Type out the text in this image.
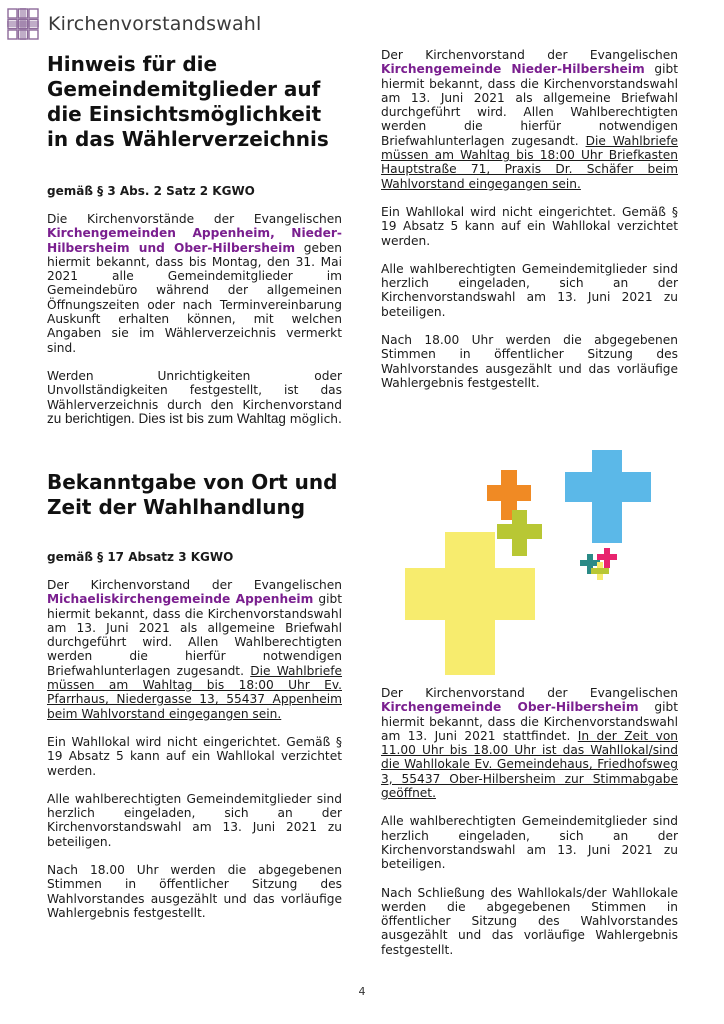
Kirchenvorstandswahl
Hinweis für die Gemeindemitglieder auf die Einsichtsmöglichkeit in das Wählerverzeichnis
gemäß § 3 Abs. 2 Satz 2 KGWO

Die Kirchenvorstände der Evangelischen Kirchengemeinden Appenheim, Nieder-Hilbersheim und Ober-Hilbersheim geben hiermit bekannt, dass bis Montag, den 31. Mai 2021 alle Gemeindemitglieder im Gemeindebüro während der allgemeinen Öffnungszeiten oder nach Terminvereinbarung Auskunft erhalten können, mit welchen Angaben sie im Wählerverzeichnis vermerkt sind.

Werden Unrichtigkeiten oder Unvollständigkeiten festgestellt, ist das Wählerverzeichnis durch den Kirchenvorstand zu berichtigen. Dies ist bis zum Wahltag möglich.

Bekanntgabe von Ort und Zeit der Wahlhandlung
gemäß § 17 Absatz 3 KGWO

Der Kirchenvorstand der Evangelischen Michaeliskirchengemeinde Appenheim gibt hiermit bekannt, dass die Kirchenvorstandswahl am 13. Juni 2021 als allgemeine Briefwahl durchgeführt wird. Allen Wahlberechtigten werden die hierfür notwendigen Briefwahlunterlagen zugesandt. Die Wahlbriefe müssen am Wahltag bis 18:00 Uhr Ev. Pfarrhaus, Niedergasse 13, 55437 Appenheim beim Wahlvorstand eingegangen sein.

Ein Wahllokal wird nicht eingerichtet. Gemäß § 19 Absatz 5 kann auf ein Wahllokal verzichtet werden.

Alle wahlberechtigten Gemeindemitglieder sind herzlich eingeladen, sich an der Kirchenvorstandswahl am 13. Juni 2021 zu beteiligen.

Nach 18.00 Uhr werden die abgegebenen Stimmen in öffentlicher Sitzung des Wahlvorstandes ausgezählt und das vorläufige Wahlergebnis festgestellt.

Der Kirchenvorstand der Evangelischen Kirchengemeinde Nieder-Hilbersheim gibt hiermit bekannt, dass die Kirchenvorstandswahl am 13. Juni 2021 als allgemeine Briefwahl durchgeführt wird. Allen Wahlberechtigten werden die hierfür notwendigen Briefwahlunterlagen zugesandt. Die Wahlbriefe müssen am Wahltag bis 18:00 Uhr Briefkasten Hauptstraße 71, Praxis Dr. Schäfer beim Wahlvorstand eingegangen sein.

Ein Wahllokal wird nicht eingerichtet. Gemäß § 19 Absatz 5 kann auf ein Wahllokal verzichtet werden.

Alle wahlberechtigten Gemeindemitglieder sind herzlich eingeladen, sich an der Kirchenvorstandswahl am 13. Juni 2021 zu beteiligen.

Nach 18.00 Uhr werden die abgegebenen Stimmen in öffentlicher Sitzung des Wahlvorstandes ausgezählt und das vorläufige Wahlergebnis festgestellt.

Der Kirchenvorstand der Evangelischen Kirchengemeinde Ober-Hilbersheim gibt hiermit bekannt, dass die Kirchenvorstandswahl am 13. Juni 2021 stattfindet. In der Zeit von 11.00 Uhr bis 18.00 Uhr ist das Wahllokal/sind die Wahllokale Ev. Gemeindehaus, Friedhofsweg 3, 55437 Ober-Hilbersheim zur Stimmabgabe geöffnet.

Alle wahlberechtigten Gemeindemitglieder sind herzlich eingeladen, sich an der Kirchenvorstandswahl am 13. Juni 2021 zu beteiligen.

Nach Schließung des Wahllokals/der Wahllokale werden die abgegebenen Stimmen in öffentlicher Sitzung des Wahlvorstandes ausgezählt und das vorläufige Wahlergebnis festgestellt.

4
